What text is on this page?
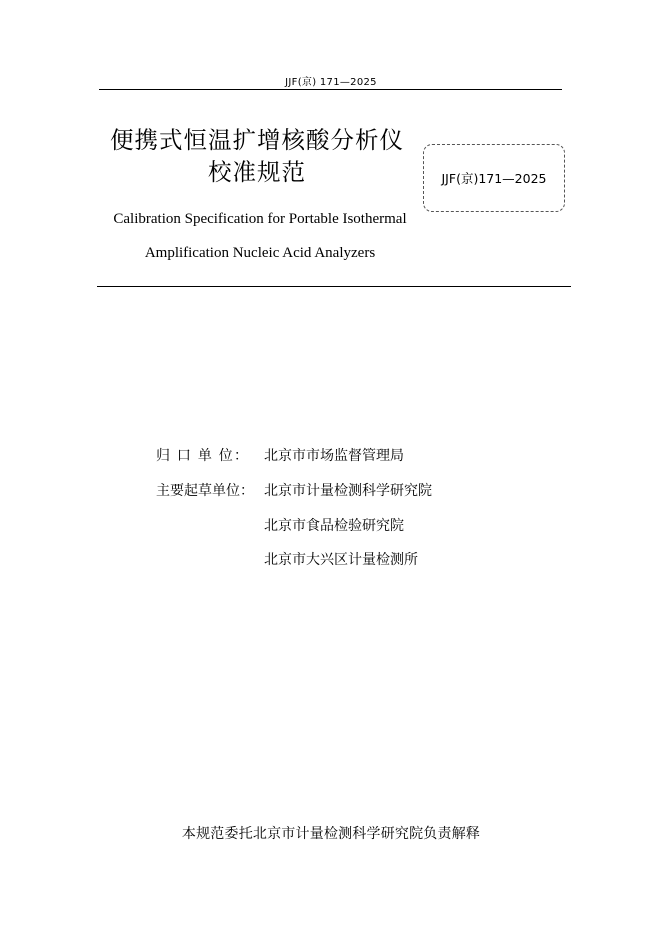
JJF(京) 171—2025
便携式恒温扩增核酸分析仪
校准规范	JJF(京)171—2025
Calibration Specification for Portable Isothermal
Amplification Nucleic Acid Analyzers
归 口 单 位： 北京市市场监督管理局
主要起草单位： 北京市计量检测科学研究院
北京市食品检验研究院
北京市大兴区计量检测所
本规范委托北京市计量检测科学研究院负责解释
